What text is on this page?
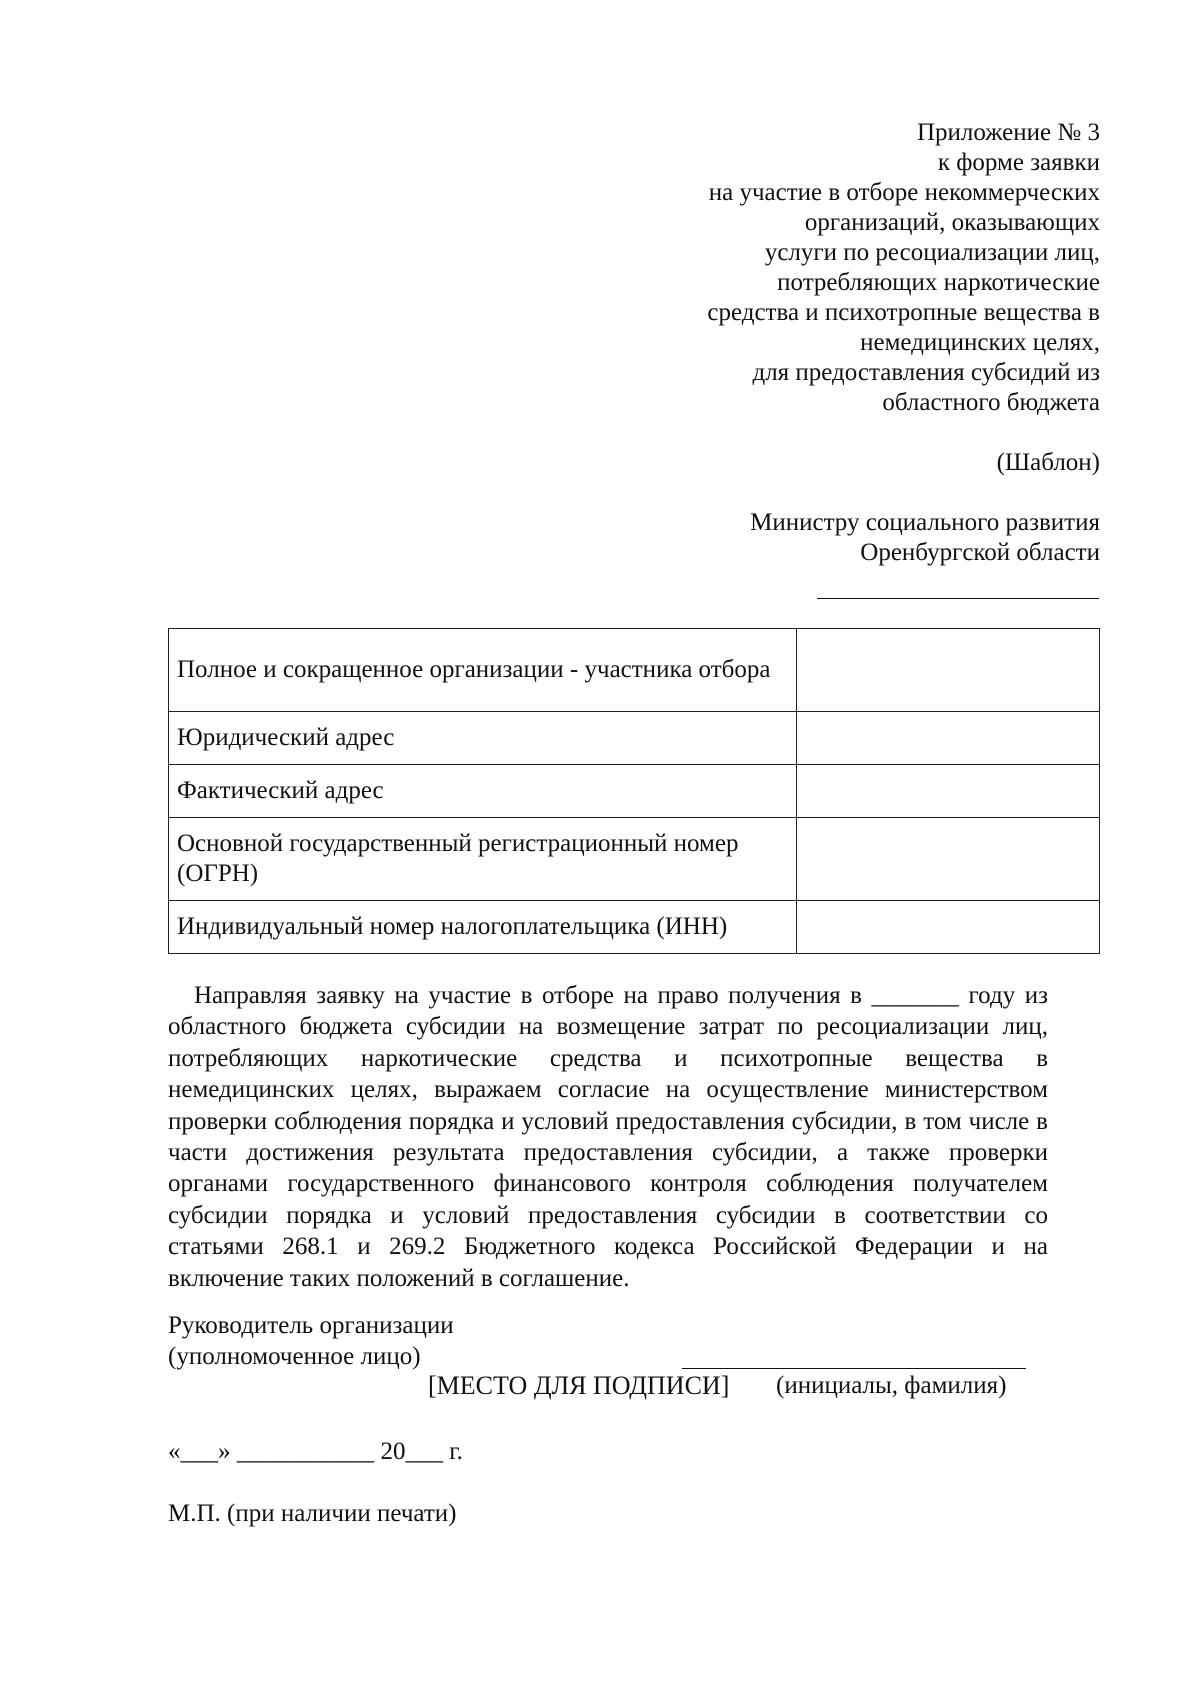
Приложение № 3
к форме заявки
на участие в отборе некоммерческих
организаций, оказывающих
услуги по ресоциализации лиц,
потребляющих наркотические
средства и психотропные вещества в
немедицинских целях,
для предоставления субсидий из
областного бюджета
(Шаблон)
Министру социального развития
Оренбургской области
Полное и сокращенное организации - участника отбора	
Юридический адрес	
Фактический адрес	
Основной государственный регистрационный номер (ОГРН)	
Индивидуальный номер налогоплательщика (ИНН)	
Направляя заявку на участие в отборе на право получения в _______ году из областного бюджета субсидии на возмещение затрат по ресоциализации лиц, потребляющих наркотические средства и психотропные вещества в немедицинских целях, выражаем согласие на осуществление министерством проверки соблюдения порядка и условий предоставления субсидии, в том числе в части достижения результата предоставления субсидии, а также проверки органами государственного финансового контроля соблюдения получателем субсидии порядка и условий предоставления субсидии в соответствии со статьями 268.1 и 269.2 Бюджетного кодекса Российской Федерации и на включение таких положений в соглашение.
Руководитель организации
(уполномоченное лицо)
[МЕСТО ДЛЯ ПОДПИСИ] (инициалы, фамилия)
«___» ___________ 20___ г.
М.П. (при наличии печати)
